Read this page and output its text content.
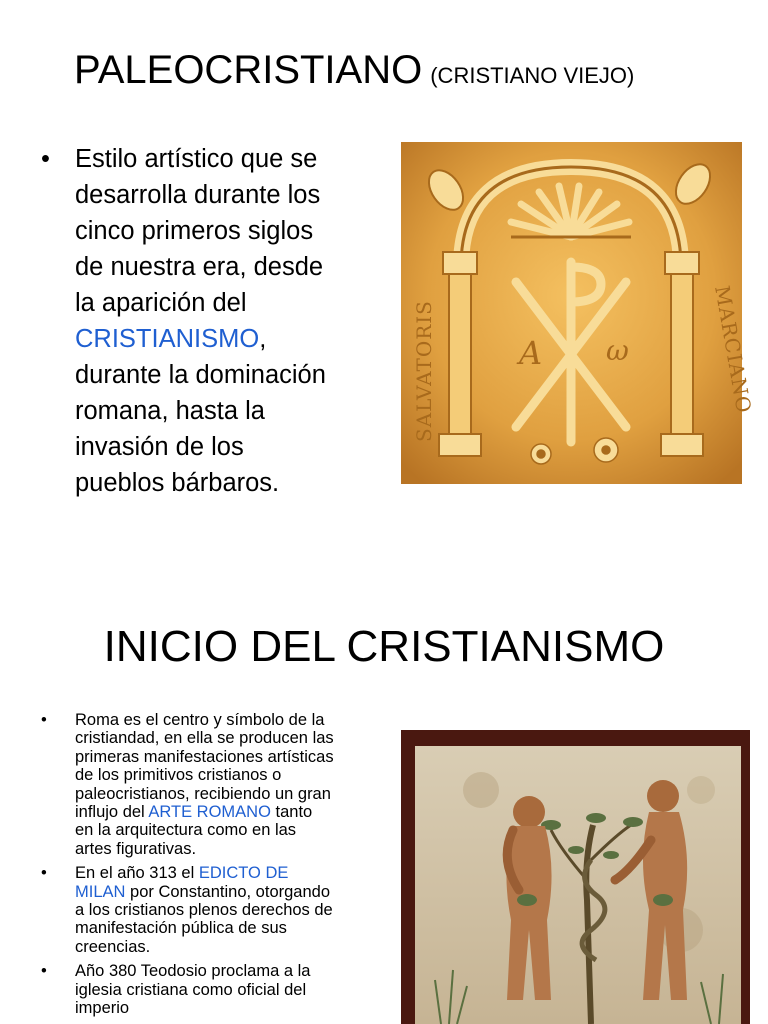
PALEOCRISTIANO (CRISTIANO VIEJO)
• Estilo artístico que se
desarrolla durante los
cinco primeros siglos
de nuestra era, desde
la aparición del
CRISTIANISMO,
durante la dominación
romana, hasta la
invasión de los
pueblos bárbaros.
A ω
SALVATORIS	MARCIANO
INICIO DEL CRISTIANISMO
• Roma es el centro y símbolo de la
cristiandad, en ella se producen las
primeras manifestaciones artísticas
de los primitivos cristianos o
paleocristianos, recibiendo un gran
influjo del ARTE ROMANO tanto
en la arquitectura como en las
artes figurativas.
• En el año 313 el EDICTO DE
MILAN por Constantino, otorgando
a los cristianos plenos derechos de
manifestación pública de sus
creencias.
• Año 380 Teodosio proclama a la
iglesia cristiana como oficial del
imperio
